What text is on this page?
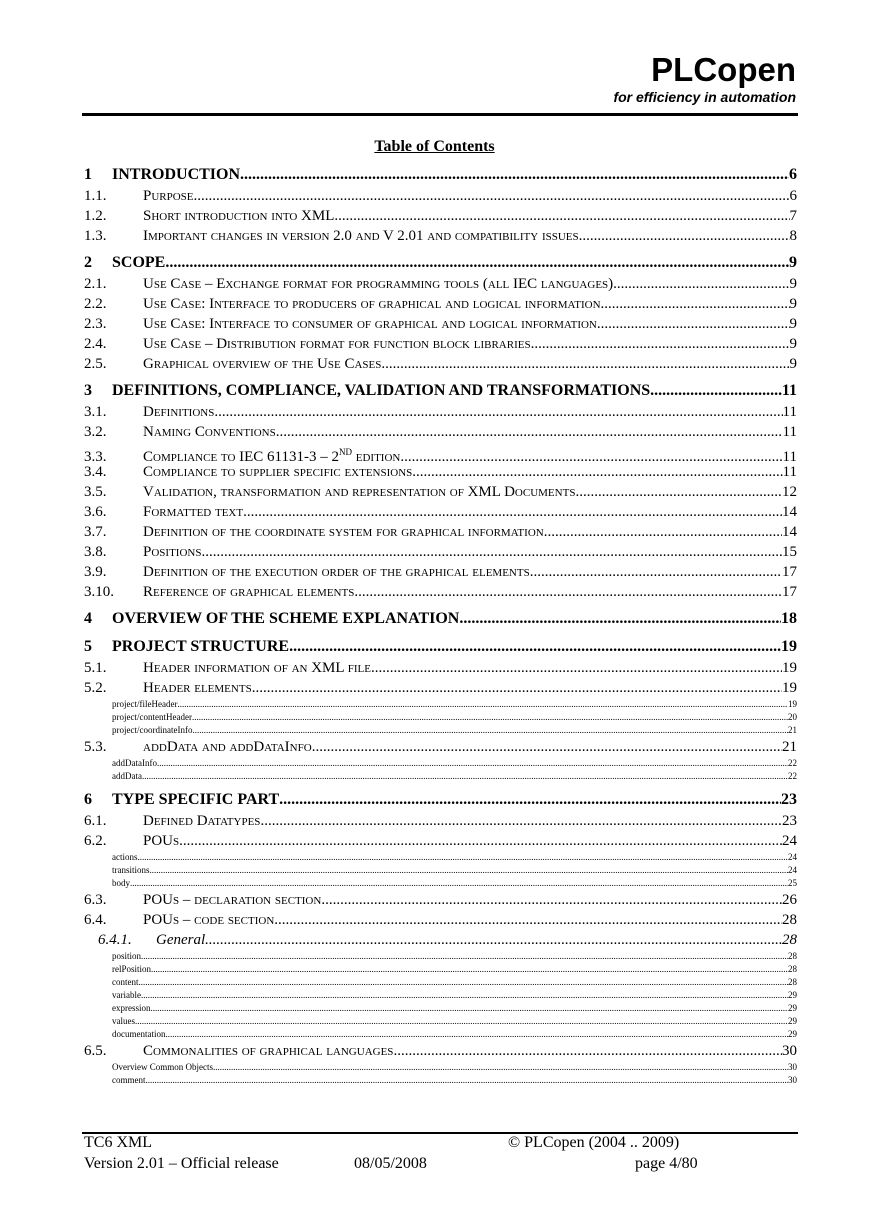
PLCopen
for efficiency in automation
Table of Contents
1	INTRODUCTION .....	6
1.1.	Purpose .....	6
1.2.	Short introduction into XML .....	7
1.3.	Important changes in version 2.0 and V 2.01 and compatibility issues .....	8
2	SCOPE .....	9
2.1.	Use Case – Exchange format for programming tools (all IEC languages) .....	9
2.2.	Use Case: Interface to producers of graphical and logical information .....	9
2.3.	Use Case: Interface to consumer of graphical and logical information. .....	9
2.4.	Use Case – Distribution format for function block libraries .....	9
2.5.	Graphical overview of the Use Cases .....	9
3	DEFINITIONS, COMPLIANCE, VALIDATION AND TRANSFORMATIONS .....	11
3.1.	Definitions .....	11
3.2.	Naming Conventions .....	11
3.3.	Compliance to IEC 61131-3 – 2ND edition .....	11
3.4.	Compliance to supplier specific extensions .....	11
3.5.	Validation, transformation and representation of XML Documents .....	12
3.6.	Formatted text .....	14
3.7.	Definition of the coordinate system for graphical information .....	14
3.8.	Positions .....	15
3.9.	Definition of the execution order of the graphical elements .....	17
3.10.	Reference of graphical elements .....	17
4	OVERVIEW OF THE SCHEME EXPLANATION .....	18
5	PROJECT STRUCTURE .....	19
5.1.	Header information of an XML file .....	19
5.2.	Header elements .....	19
project/fileHeader .....	19
project/contentHeader .....	20
project/coordinateInfo .....	21
5.3.	addData and addDataInfo .....	21
addDataInfo .....	22
addData .....	22
6	TYPE SPECIFIC PART .....	23
6.1.	Defined Datatypes .....	23
6.2.	POUs .....	24
actions .....	24
transitions .....	24
body .....	25
6.3.	POUs – declaration section .....	26
6.4.	POUs – code section .....	28
6.4.1.	General .....	28
position .....	28
relPosition .....	28
content .....	28
variable .....	29
expression .....	29
values .....	29
documentation .....	29
6.5.	Commonalities of graphical languages .....	30
Overview Common Objects .....	30
comment .....	30
TC6 XML	© PLCopen (2004 .. 2009)
Version 2.01 – Official release	08/05/2008	page 4/80
